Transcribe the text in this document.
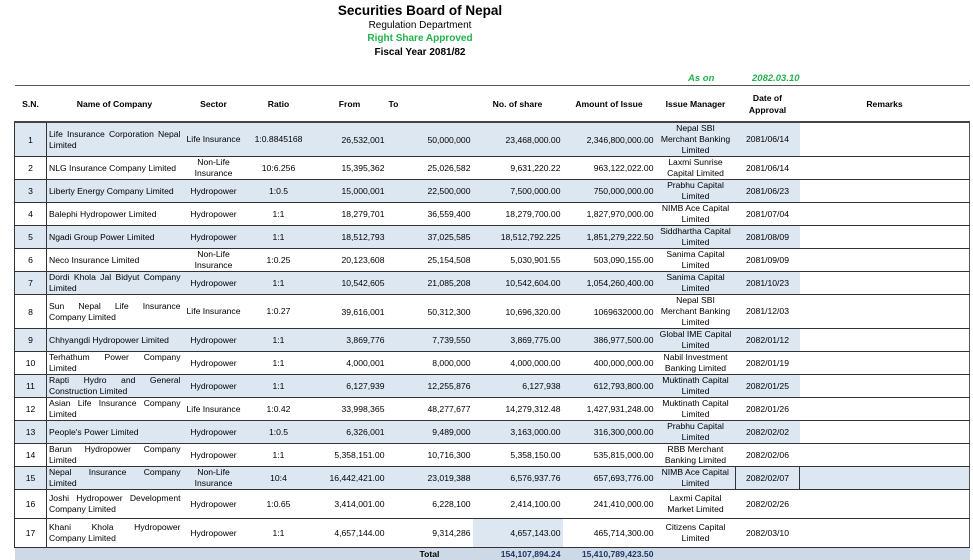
Securities Board of Nepal
Regulation Department
Right Share Approved
Fiscal Year 2081/82
As on	2082.03.10
S.N.	Name of Company	Sector	Ratio	From	To	No. of share	Amount of Issue	Issue Manager	Date of Approval	Remarks
1	Life Insurance Corporation Nepal Limited	Life Insurance	1:0.8845168	26,532,001	50,000,000	23,468,000.00	2,346,800,000.00	Nepal SBI Merchant Banking Limited	2081/06/14	
2	NLG Insurance Company Limited	Non-Life Insurance	10:6.256	15,395,362	25,026,582	9,631,220.22	963,122,022.00	Laxmi Sunrise Capital Limited	2081/06/14	
3	Liberty Energy Company Limited	Hydropower	1:0.5	15,000,001	22,500,000	7,500,000.00	750,000,000.00	Prabhu Capital Limited	2081/06/23	
4	Balephi Hydropower Limited	Hydropower	1:1	18,279,701	36,559,400	18,279,700.00	1,827,970,000.00	NIMB Ace Capital Limited	2081/07/04	
5	Ngadi Group Power Limited	Hydropower	1:1	18,512,793	37,025,585	18,512,792.225	1,851,279,222.50	Siddhartha Capital Limited	2081/08/09	
6	Neco Insurance Limited	Non-Life Insurance	1:0.25	20,123,608	25,154,508	5,030,901.55	503,090,155.00	Sanima Capital Limited	2081/09/09	
7	Dordi Khola Jal Bidyut Company Limited	Hydropower	1:1	10,542,605	21,085,208	10,542,604.00	1,054,260,400.00	Sanima Capital Limited	2081/10/23	
8	Sun Nepal Life Insurance Company Limited	Life Insurance	1:0.27	39,616,001	50,312,300	10,696,320.00	1069632000.00	Nepal SBI Merchant Banking Limited	2081/12/03	
9	Chhyangdi Hydropower Limited	Hydropower	1:1	3,869,776	7,739,550	3,869,775.00	386,977,500.00	Global IME Capital Limited	2082/01/12	
10	Terhathum Power Company Limited	Hydropower	1:1	4,000,001	8,000,000	4,000,000.00	400,000,000.00	Nabil Investment Banking Limited	2082/01/19	
11	Rapti Hydro and General Construction Limited	Hydropower	1:1	6,127,939	12,255,876	6,127,938	612,793,800.00	Muktinath Capital Limited	2082/01/25	
12	Asian Life Insurance Company Limited	Life Insurance	1:0.42	33,998,365	48,277,677	14,279,312.48	1,427,931,248.00	Muktinath Capital Limited	2082/01/26	
13	People's Power Limited	Hydropower	1:0.5	6,326,001	9,489,000	3,163,000.00	316,300,000.00	Prabhu Capital Limited	2082/02/02	
14	Barun Hydropower Company Limited	Hydropower	1:1	5,358,151.00	10,716,300	5,358,150.00	535,815,000.00	RBB Merchant Banking Limited	2082/02/06	
15	Nepal Insurance Company Limited	Non-Life Insurance	10:4	16,442,421.00	23,019,388	6,576,937.76	657,693,776.00	NIMB Ace Capital Limited	2082/02/07	
16	Joshi Hydropower Development Company Limited	Hydropower	1:0.65	3,414,001.00	6,228,100	2,414,100.00	241,410,000.00	Laxmi Capital Market Limited	2082/02/26	
17	Khani Khola Hydropower Company Limited	Hydropower	1:1	4,657,144.00	9,314,286	4,657,143.00	465,714,300.00	Citizens Capital Limited	2082/03/10	
					Total	154,107,894.24	15,410,789,423.50			
